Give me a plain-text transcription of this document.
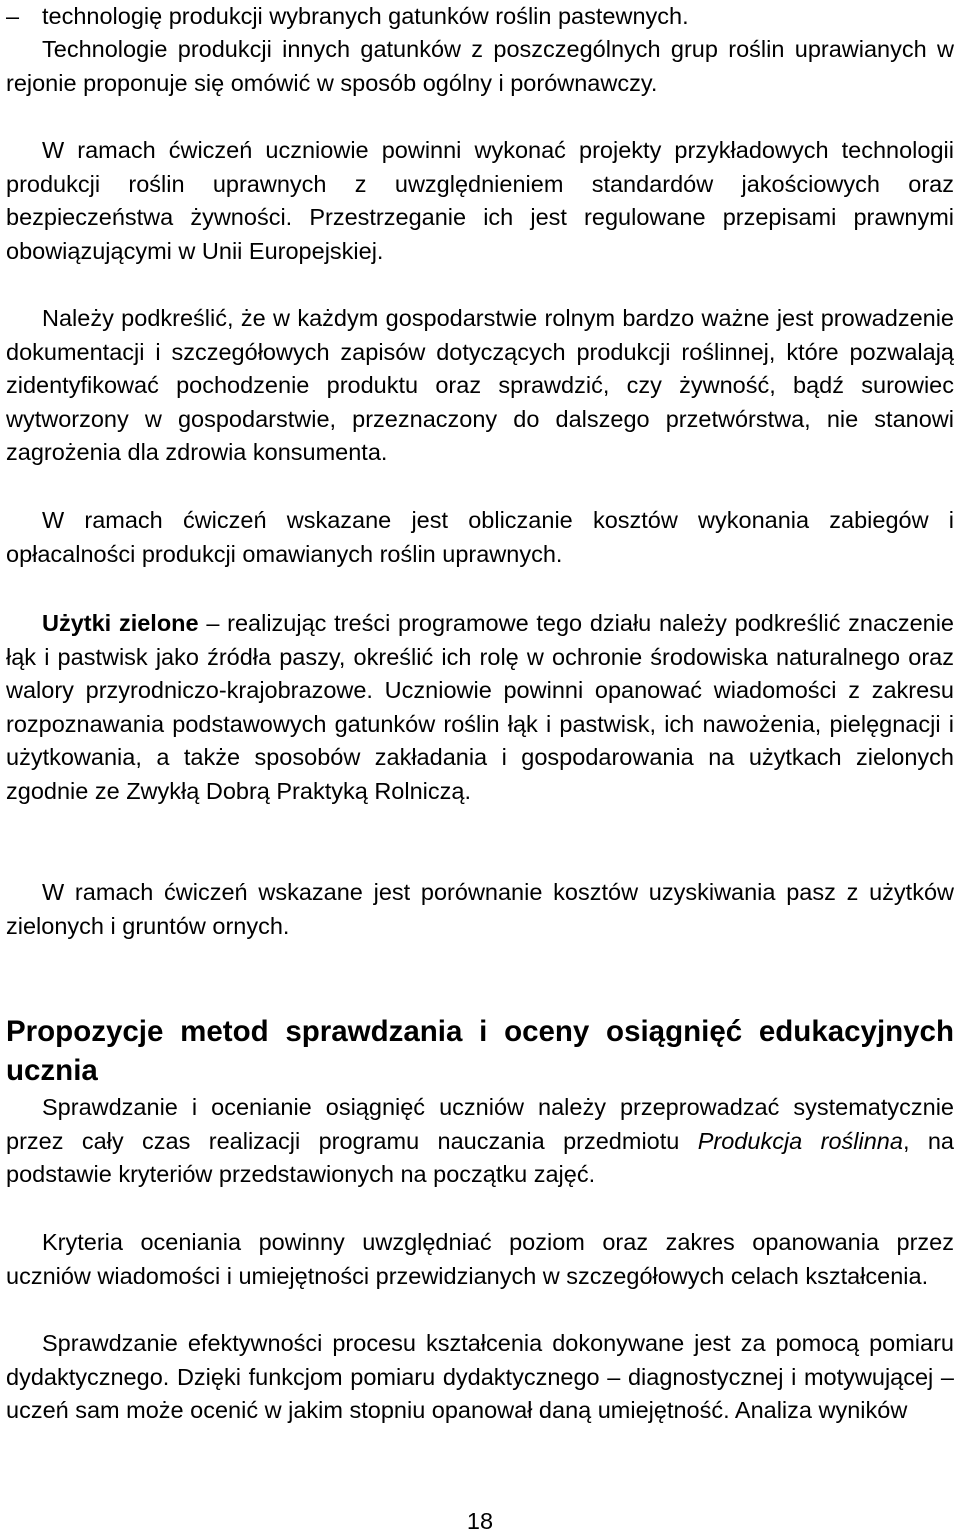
– technologię produkcji wybranych gatunków roślin pastewnych.

Technologie produkcji innych gatunków z poszczególnych grup roślin uprawianych w rejonie proponuje się omówić w sposób ogólny i porównawczy.

W ramach ćwiczeń uczniowie powinni wykonać projekty przykładowych technologii produkcji roślin uprawnych z uwzględnieniem standardów jakościowych oraz bezpieczeństwa żywności. Przestrzeganie ich jest regulowane przepisami prawnymi obowiązującymi w Unii Europejskiej.

Należy podkreślić, że w każdym gospodarstwie rolnym bardzo ważne jest prowadzenie dokumentacji i szczegółowych zapisów dotyczących produkcji roślinnej, które pozwalają zidentyfikować pochodzenie produktu oraz sprawdzić, czy żywność, bądź surowiec wytworzony w gospodarstwie, przeznaczony do dalszego przetwórstwa, nie stanowi zagrożenia dla zdrowia konsumenta.

W ramach ćwiczeń wskazane jest obliczanie kosztów wykonania zabiegów i opłacalności produkcji omawianych roślin uprawnych.

Użytki zielone – realizując treści programowe tego działu należy podkreślić znaczenie łąk i pastwisk jako źródła paszy, określić ich rolę w ochronie środowiska naturalnego oraz walory przyrodniczo-krajobrazowe. Uczniowie powinni opanować wiadomości z zakresu rozpoznawania podstawowych gatunków roślin łąk i pastwisk, ich nawożenia, pielęgnacji i użytkowania, a także sposobów zakładania i gospodarowania na użytkach zielonych zgodnie ze Zwykłą Dobrą Praktyką Rolniczą.

W ramach ćwiczeń wskazane jest porównanie kosztów uzyskiwania pasz z użytków zielonych i gruntów ornych.

Propozycje metod sprawdzania i oceny osiągnięć edukacyjnych ucznia

Sprawdzanie i ocenianie osiągnięć uczniów należy przeprowadzać systematycznie przez cały czas realizacji programu nauczania przedmiotu Produkcja roślinna, na podstawie kryteriów przedstawionych na początku zajęć.

Kryteria oceniania powinny uwzględniać poziom oraz zakres opanowania przez uczniów wiadomości i umiejętności przewidzianych w szczegółowych celach kształcenia.

Sprawdzanie efektywności procesu kształcenia dokonywane jest za pomocą pomiaru dydaktycznego. Dzięki funkcjom pomiaru dydaktycznego – diagnostycznej i motywującej – uczeń sam może ocenić w jakim stopniu opanował daną umiejętność. Analiza wyników

18
